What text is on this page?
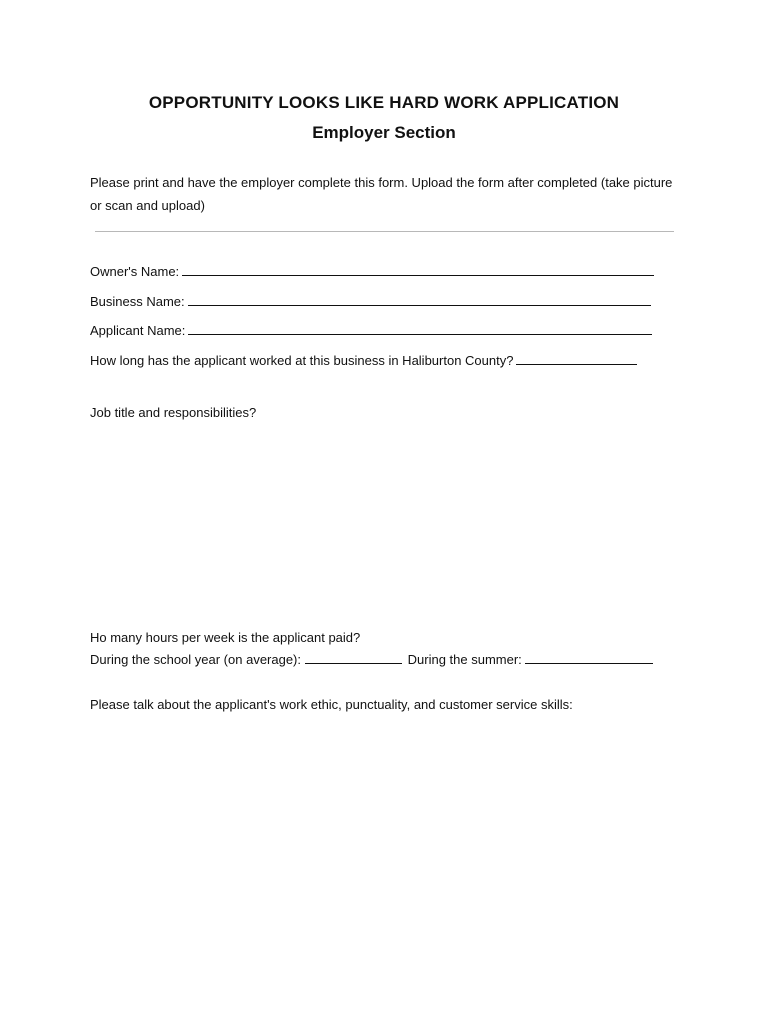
OPPORTUNITY LOOKS LIKE HARD WORK APPLICATION
Employer Section
Please print and have the employer complete this form. Upload the form after completed (take picture
or scan and upload)
Owner's Name:
Business Name:
Applicant Name:
How long has the applicant worked at this business in Haliburton County?
Job title and responsibilities?
Ho many hours per week is the applicant paid?
During the school year (on average):	During the summer:
Please talk about the applicant's work ethic, punctuality, and customer service skills:
